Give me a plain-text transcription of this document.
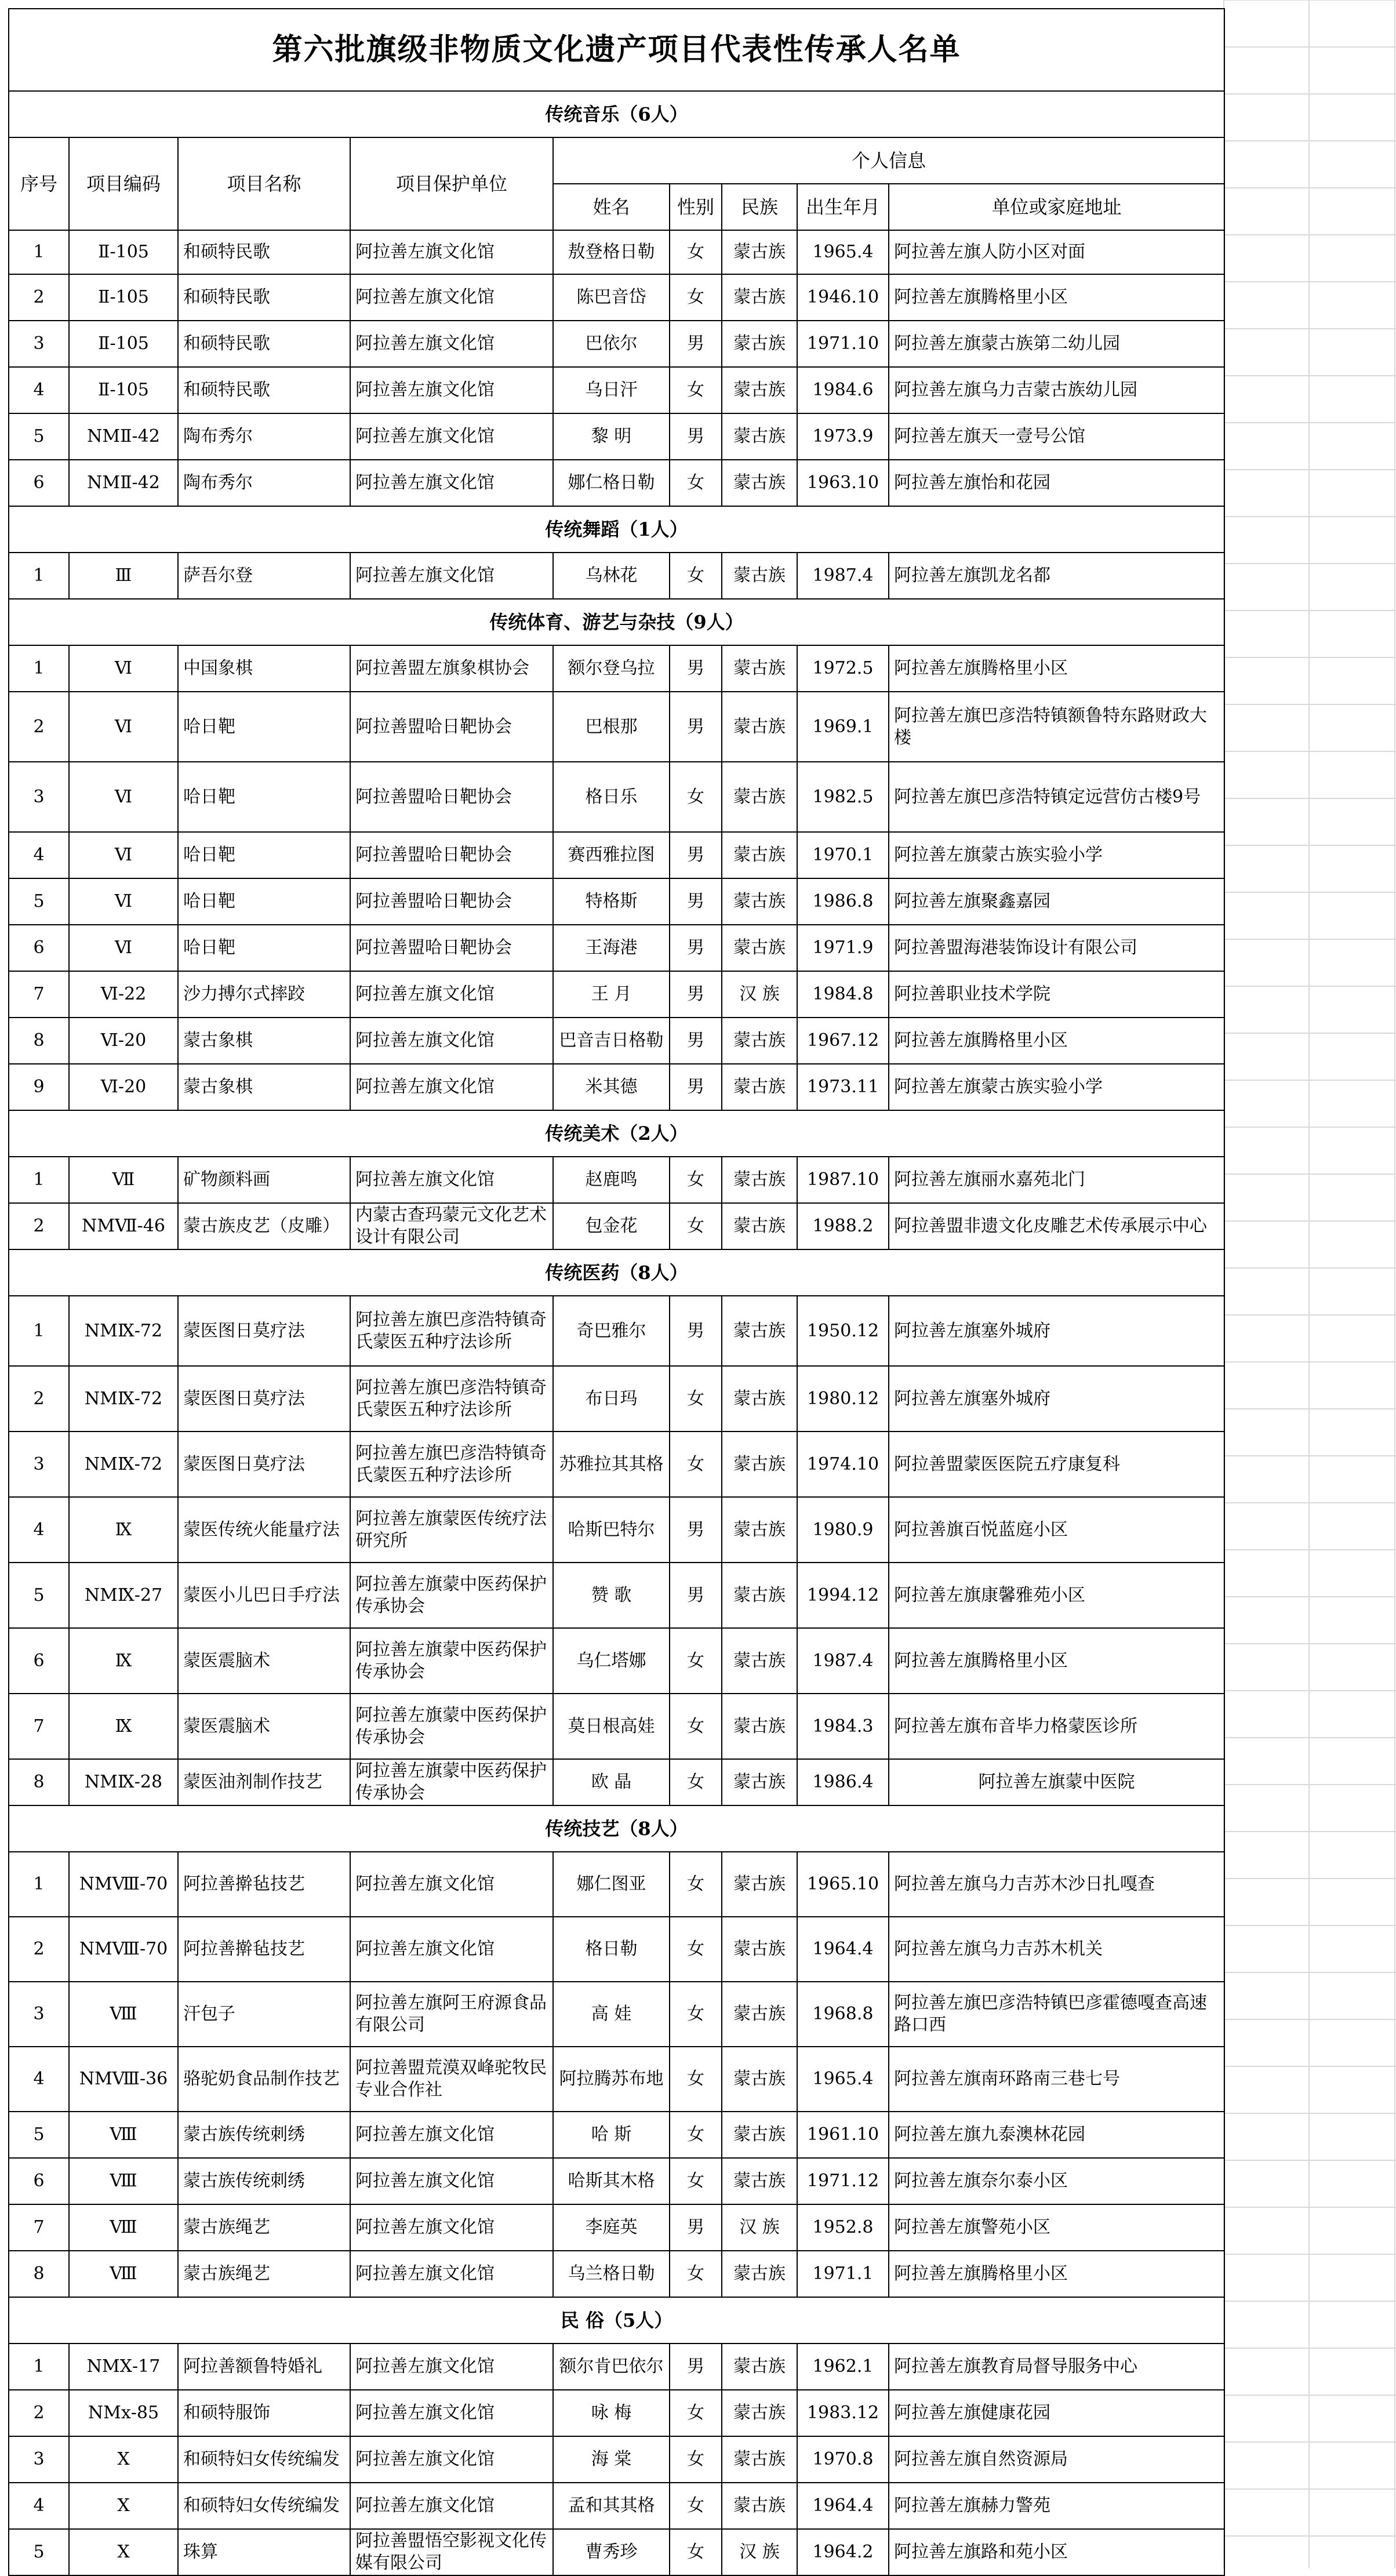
第六批旗级非物质文化遗产项目代表性传承人名单								
传统音乐（6人）								
序号	项目编码	项目名称	项目保护单位	个人信息				
				姓名	性别	民族	出生年月	单位或家庭地址
1	Ⅱ-105	和硕特民歌	阿拉善左旗文化馆	敖登格日勒	女	蒙古族	1965.4	阿拉善左旗人防小区对面
2	Ⅱ-105	和硕特民歌	阿拉善左旗文化馆	陈巴音岱	女	蒙古族	1946.10	阿拉善左旗腾格里小区
3	Ⅱ-105	和硕特民歌	阿拉善左旗文化馆	巴依尔	男	蒙古族	1971.10	阿拉善左旗蒙古族第二幼儿园
4	Ⅱ-105	和硕特民歌	阿拉善左旗文化馆	乌日汗	女	蒙古族	1984.6	阿拉善左旗乌力吉蒙古族幼儿园
5	NMⅡ-42	陶布秀尔	阿拉善左旗文化馆	黎 明	男	蒙古族	1973.9	阿拉善左旗天一壹号公馆
6	NMⅡ-42	陶布秀尔	阿拉善左旗文化馆	娜仁格日勒	女	蒙古族	1963.10	阿拉善左旗怡和花园
传统舞蹈（1人）								
1	Ⅲ	萨吾尔登	阿拉善左旗文化馆	乌林花	女	蒙古族	1987.4	阿拉善左旗凯龙名都
传统体育、游艺与杂技（9人）								
1	Ⅵ	中国象棋	阿拉善盟左旗象棋协会	额尔登乌拉	男	蒙古族	1972.5	阿拉善左旗腾格里小区
2	Ⅵ	哈日靶	阿拉善盟哈日靶协会	巴根那	男	蒙古族	1969.1	阿拉善左旗巴彦浩特镇额鲁特东路财政大楼
3	Ⅵ	哈日靶	阿拉善盟哈日靶协会	格日乐	女	蒙古族	1982.5	阿拉善左旗巴彦浩特镇定远营仿古楼9号
4	Ⅵ	哈日靶	阿拉善盟哈日靶协会	赛西雅拉图	男	蒙古族	1970.1	阿拉善左旗蒙古族实验小学
5	Ⅵ	哈日靶	阿拉善盟哈日靶协会	特格斯	男	蒙古族	1986.8	阿拉善左旗聚鑫嘉园
6	Ⅵ	哈日靶	阿拉善盟哈日靶协会	王海港	男	蒙古族	1971.9	阿拉善盟海港装饰设计有限公司
7	Ⅵ-22	沙力搏尔式摔跤	阿拉善左旗文化馆	王 月	男	汉 族	1984.8	阿拉善职业技术学院
8	Ⅵ-20	蒙古象棋	阿拉善左旗文化馆	巴音吉日格勒	男	蒙古族	1967.12	阿拉善左旗腾格里小区
9	Ⅵ-20	蒙古象棋	阿拉善左旗文化馆	米其德	男	蒙古族	1973.11	阿拉善左旗蒙古族实验小学
传统美术（2人）								
1	Ⅶ	矿物颜料画	阿拉善左旗文化馆	赵鹿鸣	女	蒙古族	1987.10	阿拉善左旗丽水嘉苑北门
2	NMⅦ-46	蒙古族皮艺（皮雕）	内蒙古查玛蒙元文化艺术设计有限公司	包金花	女	蒙古族	1988.2	阿拉善盟非遗文化皮雕艺术传承展示中心
传统医药（8人）								
1	NMⅨ-72	蒙医图日莫疗法	阿拉善左旗巴彦浩特镇奇氏蒙医五种疗法诊所	奇巴雅尔	男	蒙古族	1950.12	阿拉善左旗塞外城府
2	NMⅨ-72	蒙医图日莫疗法	阿拉善左旗巴彦浩特镇奇氏蒙医五种疗法诊所	布日玛	女	蒙古族	1980.12	阿拉善左旗塞外城府
3	NMⅨ-72	蒙医图日莫疗法	阿拉善左旗巴彦浩特镇奇氏蒙医五种疗法诊所	苏雅拉其其格	女	蒙古族	1974.10	阿拉善盟蒙医医院五疗康复科
4	Ⅸ	蒙医传统火能量疗法	阿拉善左旗蒙医传统疗法研究所	哈斯巴特尔	男	蒙古族	1980.9	阿拉善旗百悦蓝庭小区
5	NMⅨ-27	蒙医小儿巴日手疗法	阿拉善左旗蒙中医药保护传承协会	赞 歌	男	蒙古族	1994.12	阿拉善左旗康馨雅苑小区
6	Ⅸ	蒙医震脑术	阿拉善左旗蒙中医药保护传承协会	乌仁塔娜	女	蒙古族	1987.4	阿拉善左旗腾格里小区
7	Ⅸ	蒙医震脑术	阿拉善左旗蒙中医药保护传承协会	莫日根高娃	女	蒙古族	1984.3	阿拉善左旗布音毕力格蒙医诊所
8	NMⅨ-28	蒙医油剂制作技艺	阿拉善左旗蒙中医药保护传承协会	欧 晶	女	蒙古族	1986.4	阿拉善左旗蒙中医院
传统技艺（8人）								
1	NMⅧ-70	阿拉善擀毡技艺	阿拉善左旗文化馆	娜仁图亚	女	蒙古族	1965.10	阿拉善左旗乌力吉苏木沙日扎嘎查
2	NMⅧ-70	阿拉善擀毡技艺	阿拉善左旗文化馆	格日勒	女	蒙古族	1964.4	阿拉善左旗乌力吉苏木机关
3	Ⅷ	汗包子	阿拉善左旗阿王府源食品有限公司	高 娃	女	蒙古族	1968.8	阿拉善左旗巴彦浩特镇巴彦霍德嘎查高速路口西
4	NMⅧ-36	骆驼奶食品制作技艺	阿拉善盟荒漠双峰驼牧民专业合作社	阿拉腾苏布地	女	蒙古族	1965.4	阿拉善左旗南环路南三巷七号
5	Ⅷ	蒙古族传统刺绣	阿拉善左旗文化馆	哈 斯	女	蒙古族	1961.10	阿拉善左旗九泰澳林花园
6	Ⅷ	蒙古族传统刺绣	阿拉善左旗文化馆	哈斯其木格	女	蒙古族	1971.12	阿拉善左旗奈尔泰小区
7	Ⅷ	蒙古族绳艺	阿拉善左旗文化馆	李庭英	男	汉 族	1952.8	阿拉善左旗警苑小区
8	Ⅷ	蒙古族绳艺	阿拉善左旗文化馆	乌兰格日勒	女	蒙古族	1971.1	阿拉善左旗腾格里小区
民 俗（5人）								
1	NMⅩ-17	阿拉善额鲁特婚礼	阿拉善左旗文化馆	额尔肯巴依尔	男	蒙古族	1962.1	阿拉善左旗教育局督导服务中心
2	NMⅹ-85	和硕特服饰	阿拉善左旗文化馆	咏 梅	女	蒙古族	1983.12	阿拉善左旗健康花园
3	Ⅹ	和硕特妇女传统编发	阿拉善左旗文化馆	海 棠	女	蒙古族	1970.8	阿拉善左旗自然资源局
4	Ⅹ	和硕特妇女传统编发	阿拉善左旗文化馆	孟和其其格	女	蒙古族	1964.4	阿拉善左旗赫力警苑
5	Ⅹ	珠算	阿拉善盟悟空影视文化传媒有限公司	曹秀珍	女	汉 族	1964.2	阿拉善左旗路和苑小区
